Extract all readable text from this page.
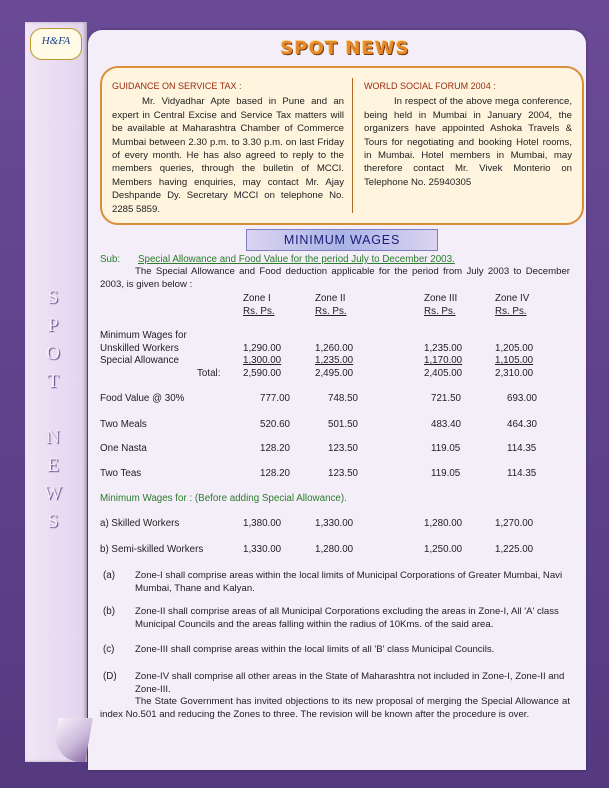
H&FA
S
P
O
T
N
E
W
S
SPOT NEWS
GUIDANCE ON SERVICE TAX :

Mr. Vidyadhar Apte based in Pune and an expert in Central Excise and Service Tax matters will be available at Maharashtra Chamber of Commerce Mumbai between 2.30 p.m. to 3.30 p.m. on last Friday of every month. He has also agreed to reply to the members queries, through the bulletin of MCCI. Members having enquiries, may contact Mr. Ajay Deshpande Dy. Secretary MCCI on telephone No. 2285 5859.

WORLD SOCIAL FORUM 2004 :

In respect of the above mega conference, being held in Mumbai in January 2004, the organizers have appointed Ashoka Travels & Tours for negotiating and booking Hotel rooms, in Mumbai. Hotel members in Mumbai, may therefore contact Mr. Vivek Monterio on Telephone No. 25940305

MINIMUM WAGES
Sub: Special Allowance and Food Value for the period July to December 2003.
The Special Allowance and Food deduction applicable for the period from July 2003 to December 2003, is given below :
Zone I	Zone II	Zone III	Zone IV
Rs. Ps.	Rs. Ps.	Rs. Ps.	Rs. Ps.
Minimum Wages for
Unskilled Workers	1,290.00	1,260.00	1,235.00	1,205.00
Special Allowance	1,300.00	1,235.00	1,170.00	1,105.00
Total: 2,590.00	2,495.00	2,405.00	2,310.00
Food Value @ 30%	777.00	748.50	721.50	693.00
Two Meals	520.60	501.50	483.40	464.30
One Nasta	128.20	123.50	119.05	114.35
Two Teas	128.20	123.50	119.05	114.35
Minimum Wages for : (Before adding Special Allowance).
a) Skilled Workers	1,380.00	1,330.00	1,280.00	1,270.00
b) Semi-skilled Workers	1,330.00	1,280.00	1,250.00	1,225.00
(a) Zone-I shall comprise areas within the local limits of Municipal Corporations of Greater Mumbai, Navi Mumbai, Thane and Kalyan.
(b) Zone-II shall comprise areas of all Municipal Corporations excluding the areas in Zone-I, All 'A' class Municipal Councils and the areas falling within the radius of 10Kms. of the said area.
(c) Zone-III shall comprise areas within the local limits of all 'B' class Municipal Councils.
(D) Zone-IV shall comprise all other areas in the State of Maharashtra not included in Zone-I, Zone-II and Zone-III.
The State Government has invited objections to its new proposal of merging the Special Allowance at index No.501 and reducing the Zones to three. The revision will be known after the procedure is over.
